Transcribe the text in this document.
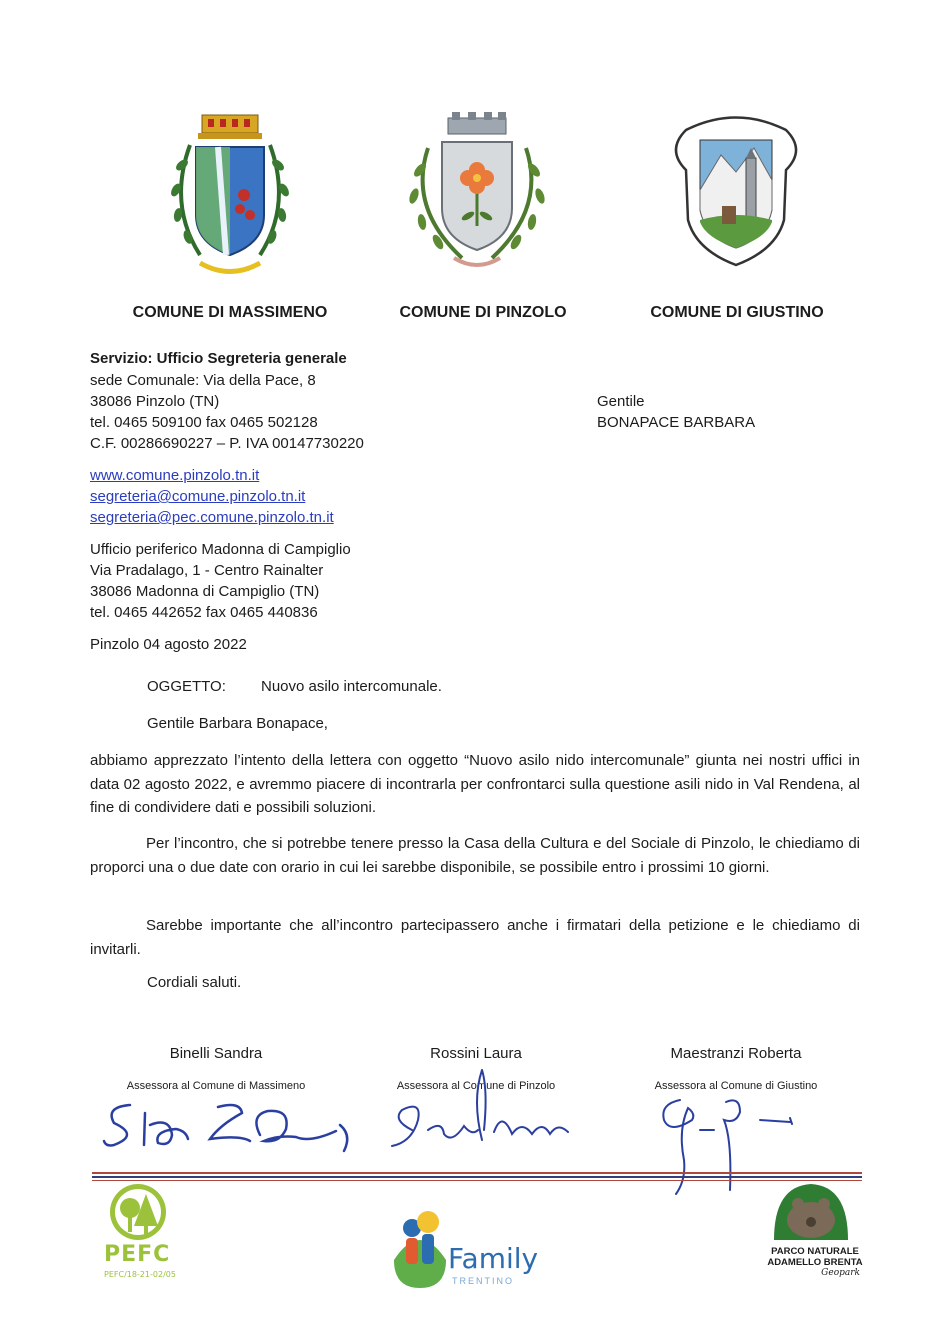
COMUNE DI MASSIMENO	COMUNE DI PINZOLO	COMUNE DI GIUSTINO
Servizio: Ufficio Segreteria generale
sede Comunale: Via della Pace, 8
38086 Pinzolo (TN)
tel. 0465 509100 fax 0465 502128
C.F. 00286690227 – P. IVA 00147730220
www.comune.pinzolo.tn.it
segreteria@comune.pinzolo.tn.it
segreteria@pec.comune.pinzolo.tn.it
Ufficio periferico Madonna di Campiglio
Via Pradalago, 1 - Centro Rainalter
38086 Madonna di Campiglio (TN)
tel. 0465 442652 fax 0465 440836
Gentile
BONAPACE BARBARA
Pinzolo 04 agosto 2022
OGGETTO: Nuovo asilo intercomunale.
Gentile Barbara Bonapace,
abbiamo apprezzato l’intento della lettera con oggetto “Nuovo asilo nido intercomunale” giunta nei nostri uffici in data 02 agosto 2022, e avremmo piacere di incontrarla per confrontarci sulla questione asili nido in Val Rendena, al fine di condividere dati e possibili soluzioni.
Per l’incontro, che si potrebbe tenere presso la Casa della Cultura e del Sociale di Pinzolo, le chiediamo di proporci una o due date con orario in cui lei sarebbe disponibile, se possibile entro i prossimi 10 giorni.
Sarebbe importante che all’incontro partecipassero anche i firmatari della petizione e le chiediamo di invitarli.
Cordiali saluti.
Binelli Sandra
Assessora al Comune di Massimeno
Rossini Laura
Assessora al Comune di Pinzolo
Maestranzi Roberta
Assessora al Comune di Giustino
PEFC
PEFC/18-21-02/05	Family
TRENTINO
PARCO NATURALE
ADAMELLO BRENTA
Geopark
